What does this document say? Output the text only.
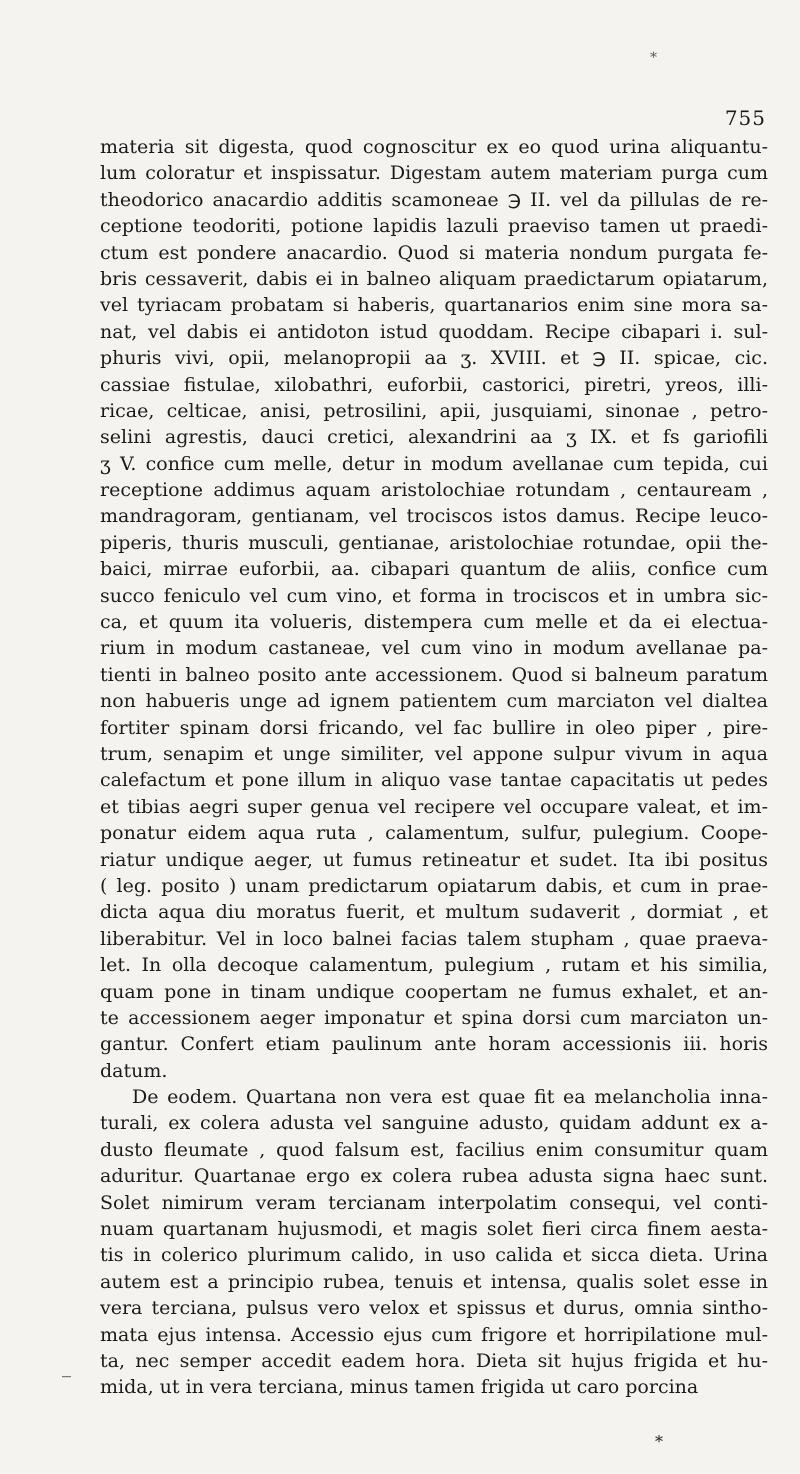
*
755
materia sit digesta, quod cognoscitur ex eo quod urina aliquantu-
lum coloratur et inspissatur. Digestam autem materiam purga cum
theodorico anacardio additis scamoneae ℈ II. vel da pillulas de re-
ceptione teodoriti, potione lapidis lazuli praeviso tamen ut praedi-
ctum est pondere anacardio. Quod si materia nondum purgata fe-
bris cessaverit, dabis ei in balneo aliquam praedictarum opiatarum,
vel tyriacam probatam si haberis, quartanarios enim sine mora sa-
nat, vel dabis ei antidoton istud quoddam. Recipe cibapari i. sul-
phuris vivi, opii, melanopropii aa ʒ. XVIII. et ℈ II. spicae, cic.
cassiae fistulae, xilobathri, euforbii, castorici, piretri, yreos, illi-
ricae, celticae, anisi, petrosilini, apii, jusquiami, sinonae , petro-
selini agrestis, dauci cretici, alexandrini aa ʒ IX. et fs gariofili
ʒ V. confice cum melle, detur in modum avellanae cum tepida, cui
receptione addimus aquam aristolochiae rotundam , centauream ,
mandragoram, gentianam, vel trociscos istos damus. Recipe leuco-
piperis, thuris musculi, gentianae, aristolochiae rotundae, opii the-
baici, mirrae euforbii, aa. cibapari quantum de aliis, confice cum
succo feniculo vel cum vino, et forma in trociscos et in umbra sic-
ca, et quum ita volueris, distempera cum melle et da ei electua-
rium in modum castaneae, vel cum vino in modum avellanae pa-
tienti in balneo posito ante accessionem. Quod si balneum paratum
non habueris unge ad ignem patientem cum marciaton vel dialtea
fortiter spinam dorsi fricando, vel fac bullire in oleo piper , pire-
trum, senapim et unge similiter, vel appone sulpur vivum in aqua
calefactum et pone illum in aliquo vase tantae capacitatis ut pedes
et tibias aegri super genua vel recipere vel occupare valeat, et im-
ponatur eidem aqua ruta , calamentum, sulfur, pulegium. Coope-
riatur undique aeger, ut fumus retineatur et sudet. Ita ibi positus
( leg. posito ) unam predictarum opiatarum dabis, et cum in prae-
dicta aqua diu moratus fuerit, et multum sudaverit , dormiat , et
liberabitur. Vel in loco balnei facias talem stupham , quae praeva-
let. In olla decoque calamentum, pulegium , rutam et his similia,
quam pone in tinam undique coopertam ne fumus exhalet, et an-
te accessionem aeger imponatur et spina dorsi cum marciaton un-
gantur. Confert etiam paulinum ante horam accessionis iii. horis
datum.
De eodem. Quartana non vera est quae fit ea melancholia inna-
turali, ex colera adusta vel sanguine adusto, quidam addunt ex a-
dusto fleumate , quod falsum est, facilius enim consumitur quam
aduritur. Quartanae ergo ex colera rubea adusta signa haec sunt.
Solet nimirum veram tercianam interpolatim consequi, vel conti-
nuam quartanam hujusmodi, et magis solet fieri circa finem aesta-
tis in colerico plurimum calido, in uso calida et sicca dieta. Urina
autem est a principio rubea, tenuis et intensa, qualis solet esse in
vera terciana, pulsus vero velox et spissus et durus, omnia sintho-
mata ejus intensa. Accessio ejus cum frigore et horripilatione mul-
ta, nec semper accedit eadem hora. Dieta sit hujus frigida et hu-
mida, ut in vera terciana, minus tamen frigida ut caro porcina
_
*
